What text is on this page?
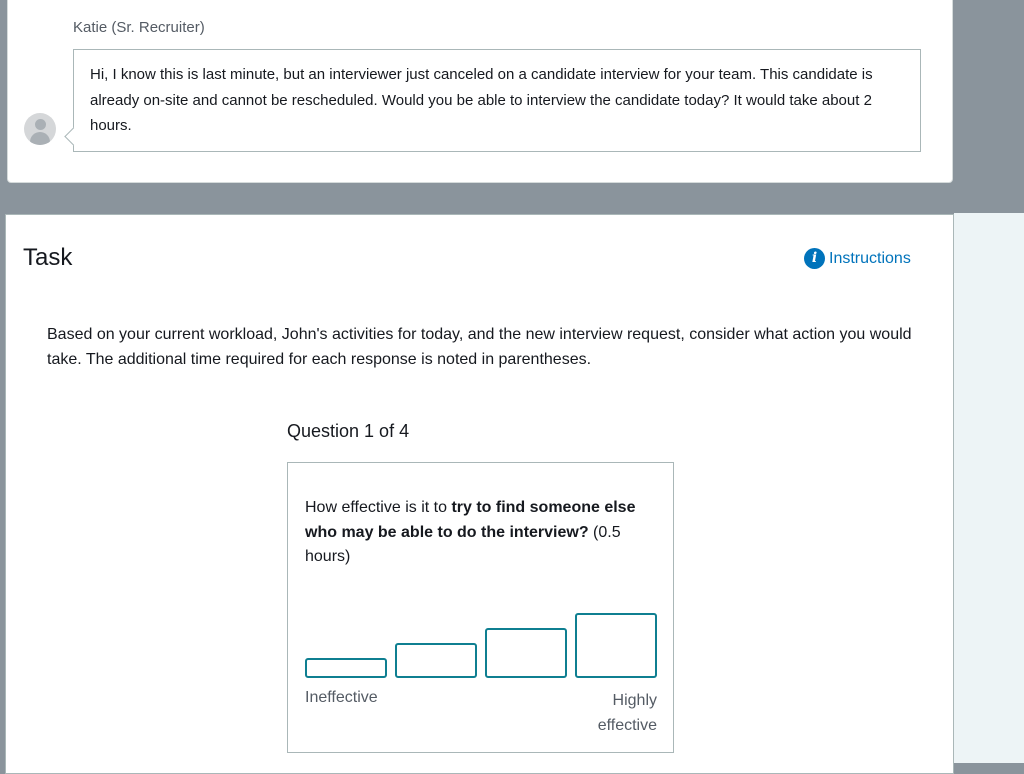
Katie (Sr. Recruiter)
Hi, I know this is last minute, but an interviewer just canceled on a candidate interview for your team. This candidate is already on-site and cannot be rescheduled. Would you be able to interview the candidate today? It would take about 2 hours.
Task	i Instructions
Based on your current workload, John's activities for today, and the new interview request, consider what action you would take. The additional time required for each response is noted in parentheses.
Question 1 of 4
How effective is it to try to find someone else who may be able to do the interview? (0.5 hours)
Ineffective	Highly effective
